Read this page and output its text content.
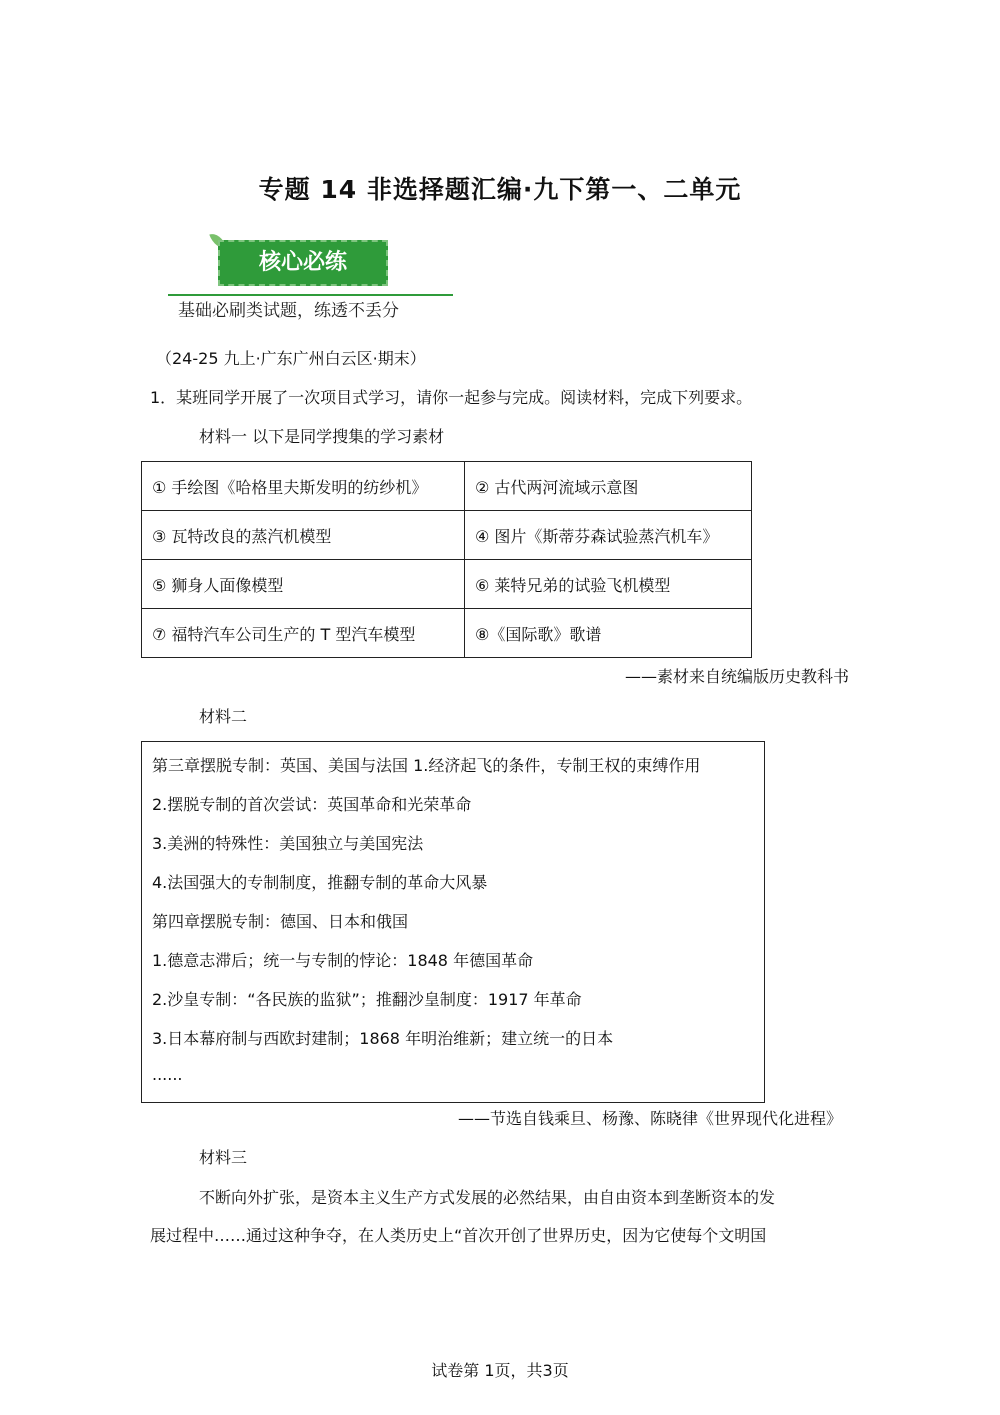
专题 14 非选择题汇编·九下第一、二单元
核心必练
基础必刷类试题，练透不丢分
（24-25 九上·广东广州白云区·期末）
1．某班同学开展了一次项目式学习，请你一起参与完成。阅读材料，完成下列要求。
材料一 以下是同学搜集的学习素材
① 手绘图《哈格里夫斯发明的纺纱机》	② 古代两河流域示意图
③ 瓦特改良的蒸汽机模型	④ 图片《斯蒂芬森试验蒸汽机车》
⑤ 狮身人面像模型	⑥ 莱特兄弟的试验飞机模型
⑦ 福特汽车公司生产的 T 型汽车模型	⑧《国际歌》歌谱
——素材来自统编版历史教科书
材料二
第三章摆脱专制：英国、美国与法国 1.经济起飞的条件，专制王权的束缚作用
2.摆脱专制的首次尝试：英国革命和光荣革命
3.美洲的特殊性：美国独立与美国宪法
4.法国强大的专制制度，推翻专制的革命大风暴
第四章摆脱专制：德国、日本和俄国
1.德意志滞后；统一与专制的悖论：1848 年德国革命
2.沙皇专制：“各民族的监狱”；推翻沙皇制度：1917 年革命
3.日本幕府制与西欧封建制；1868 年明治维新；建立统一的日本
......
——节选自钱乘旦、杨豫、陈晓律《世界现代化进程》
材料三
不断向外扩张，是资本主义生产方式发展的必然结果，由自由资本到垄断资本的发
展过程中……通过这种争夺，在人类历史上“首次开创了世界历史，因为它使每个文明国
试卷第 1页，共3页
